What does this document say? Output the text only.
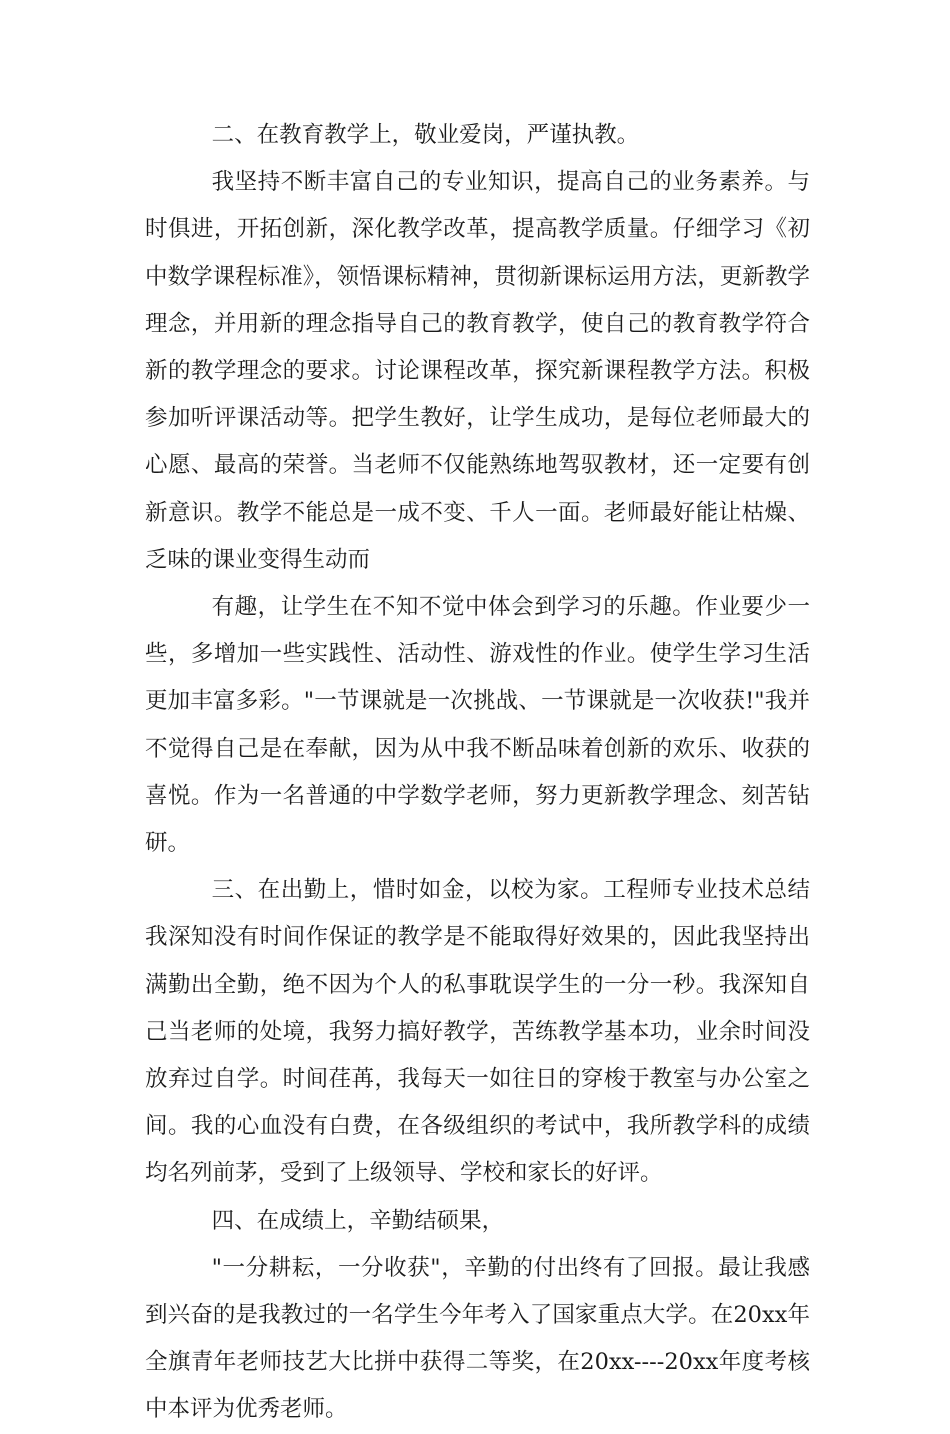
二、在教育教学上，敬业爱岗，严谨执教。

我坚持不断丰富自己的专业知识，提高自己的业务素养。与时俱进，开拓创新，深化教学改革，提高教学质量。仔细学习《初中数学课程标准》，领悟课标精神，贯彻新课标运用方法，更新教学理念，并用新的理念指导自己的教育教学，使自己的教育教学符合新的教学理念的要求。讨论课程改革，探究新课程教学方法。积极参加听评课活动等。把学生教好，让学生成功，是每位老师最大的心愿、最高的荣誉。当老师不仅能熟练地驾驭教材，还一定要有创新意识。教学不能总是一成不变、千人一面。老师最好能让枯燥、乏味的课业变得生动而

有趣，让学生在不知不觉中体会到学习的乐趣。作业要少一些，多增加一些实践性、活动性、游戏性的作业。使学生学习生活更加丰富多彩。"一节课就是一次挑战、一节课就是一次收获!"我并不觉得自己是在奉献，因为从中我不断品味着创新的欢乐、收获的喜悦。作为一名普通的中学数学老师，努力更新教学理念、刻苦钻研。

三、在出勤上，惜时如金，以校为家。工程师专业技术总结我深知没有时间作保证的教学是不能取得好效果的，因此我坚持出满勤出全勤，绝不因为个人的私事耽误学生的一分一秒。我深知自己当老师的处境，我努力搞好教学，苦练教学基本功，业余时间没放弃过自学。时间荏苒，我每天一如往日的穿梭于教室与办公室之间。我的心血没有白费，在各级组织的考试中，我所教学科的成绩均名列前茅，受到了上级领导、学校和家长的好评。

四、在成绩上，辛勤结硕果，

"一分耕耘，一分收获"，辛勤的付出终有了回报。最让我感到兴奋的是我教过的一名学生今年考入了国家重点大学。在20xx年全旗青年老师技艺大比拼中获得二等奖，在20xx----20xx年度考核中本评为优秀老师。
